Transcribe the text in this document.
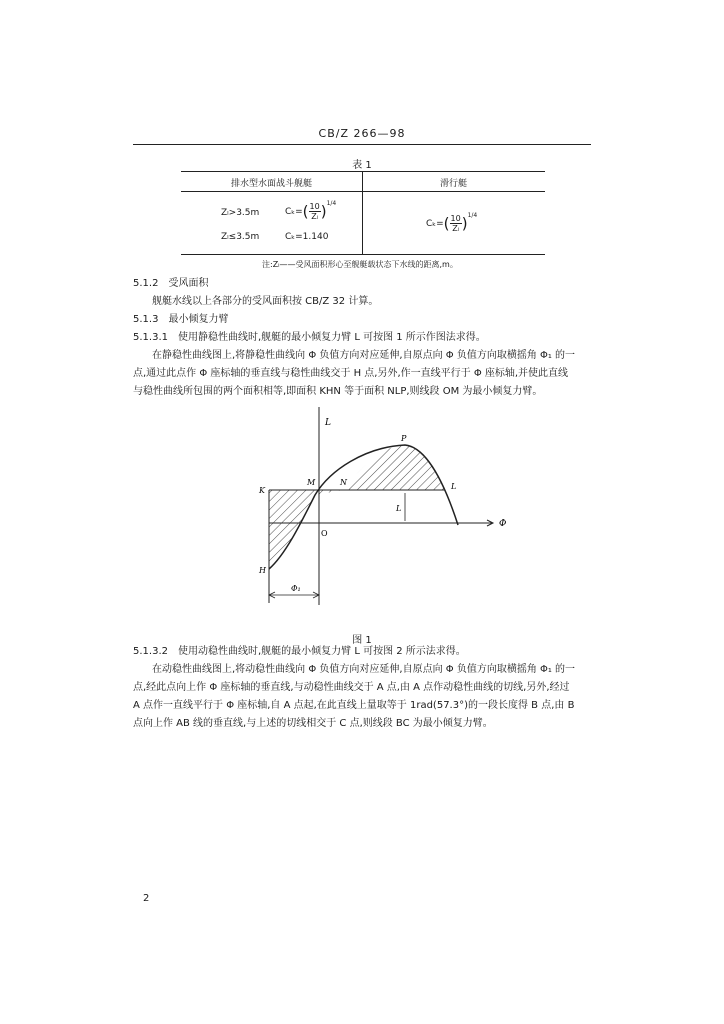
CB/Z 266—98
表 1
排水型水面战斗舰艇	滑行艇
Zₗ>3.5m	$C_k=( \frac{10}{\text{Zₗ}} )^{1/4}$
Zₗ≤3.5m	Cₖ=1.140
$C_k=( \frac{10}{\text{Zₗ}} )^{1/4}$
注:Zₗ——受风面积形心至舰艇载状态下水线的距离,m。
5.1.2　受风面积
舰艇水线以上各部分的受风面积按 CB/Z 32 计算。
5.1.3　最小倾复力臂
5.1.3.1　使用静稳性曲线时,舰艇的最小倾复力臂 L 可按图 1 所示作图法求得。
在静稳性曲线图上,将静稳性曲线向 Φ 负值方向对应延伸,自原点向 Φ 负值方向取横摇角 Φ₁ 的一
点,通过此点作 Φ 座标轴的垂直线与稳性曲线交于 H 点,另外,作一直线平行于 Φ 座标轴,并使此直线
与稳性曲线所包围的两个面积相等,即面积 KHN 等于面积 NLP,则线段 OM 为最小倾复力臂。
L
Φ
P
M	N
K	L
O
H
L
Φ₁
图 1
5.1.3.2　使用动稳性曲线时,舰艇的最小倾复力臂 L 可按图 2 所示法求得。
在动稳性曲线图上,将动稳性曲线向 Φ 负值方向对应延伸,自原点向 Φ 负值方向取横摇角 Φ₁ 的一
点,经此点向上作 Φ 座标轴的垂直线,与动稳性曲线交于 A 点,由 A 点作动稳性曲线的切线,另外,经过
A 点作一直线平行于 Φ 座标轴,自 A 点起,在此直线上量取等于 1rad(57.3°)的一段长度得 B 点,由 B
点向上作 AB 线的垂直线,与上述的切线相交于 C 点,则线段 BC 为最小倾复力臂。
2
